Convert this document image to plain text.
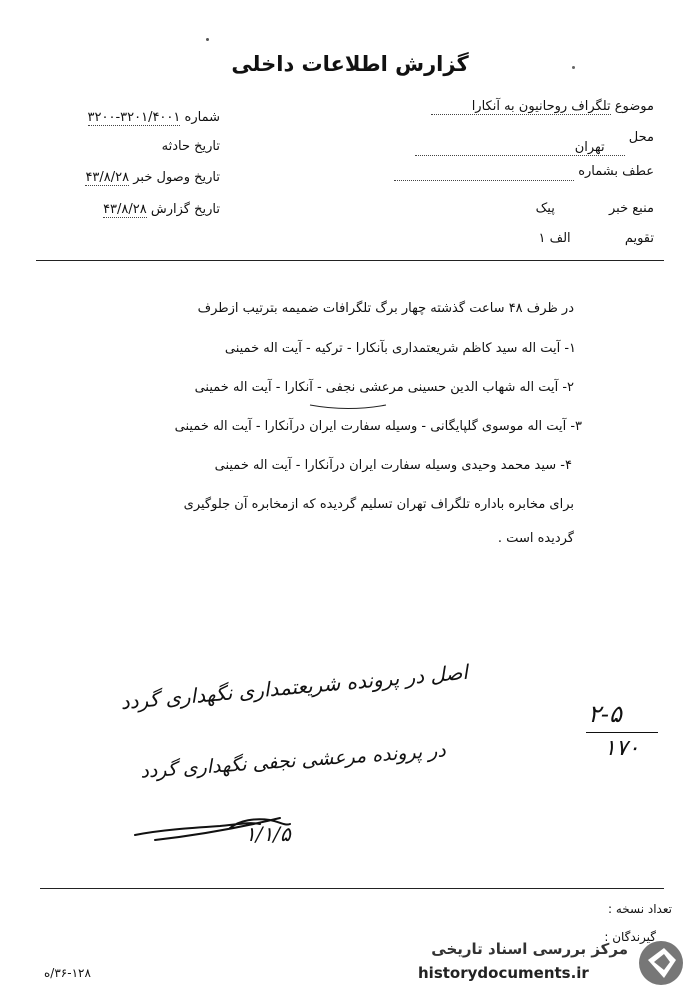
گزارش اطلاعات داخلی
موضوع تلگراف روحانیون به آنکارا
محل تهران
عطف بشماره
منبع خبر پیک
تقویم الف ۱
شماره ۳۲۰۰-۳۲۰۱/۴۰۰۱
تاریخ حادثه
تاریخ وصول خبر ۴۳/۸/۲۸
تاریخ گزارش ۴۳/۸/۲۸
در ظرف ۴۸ ساعت گذشته چهار برگ تلگرافات ضمیمه بترتیب ازطرف
۱- آیت اله سید کاظم شریعتمداری بآنکارا - ترکیه - آیت اله خمینی
۲- آیت اله شهاب الدین حسینی مرعشی نجفی - آنکارا - آیت اله خمینی
۳- آیت اله موسوی گلپایگانی - وسیله سفارت ایران درآنکارا - آیت اله خمینی
۴- سید محمد وحیدی وسیله سفارت ایران درآنکارا - آیت اله خمینی
برای مخابره باداره تلگراف تهران تسلیم گردیده که ازمخابره آن جلوگیری
گردیده است .
اصل در پرونده شریعتمداری نگهداری گردد
در پرونده مرعشی نجفی نگهداری گردد
۱/۱/۵
۲-۵
۱۷۰
تعداد نسخه :
گیرندگان :
۳۶-۱۲۸/ه
مرکز بررسی اسناد تاریخی
historydocuments.ir
